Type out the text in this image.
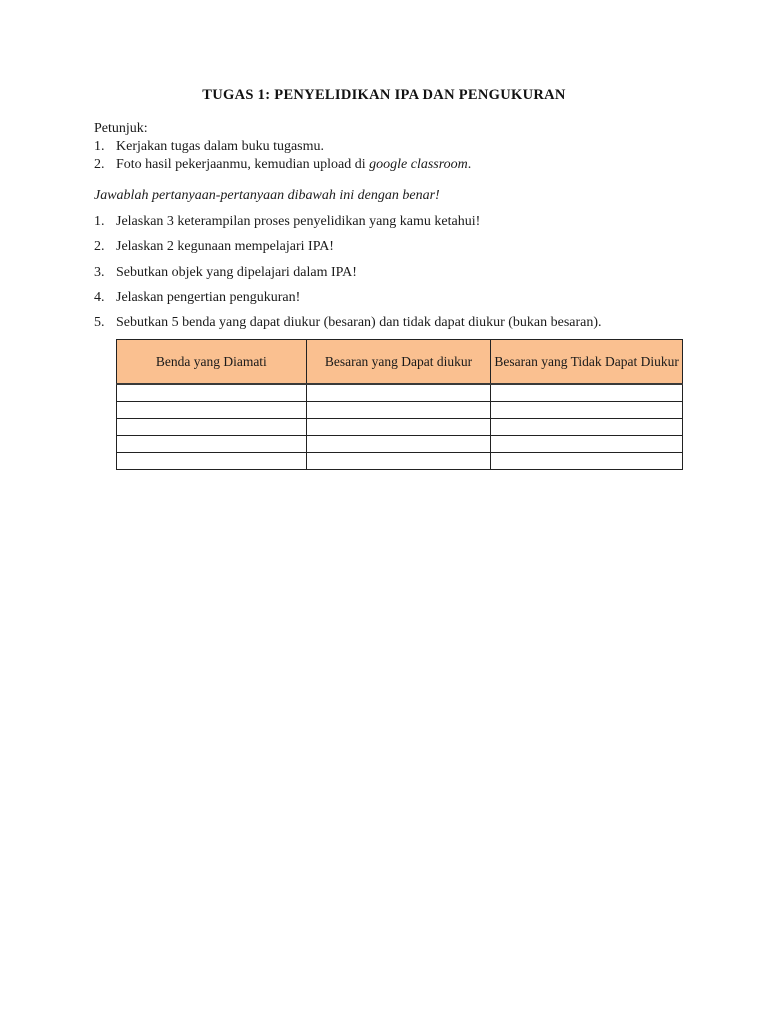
TUGAS 1: PENYELIDIKAN IPA DAN PENGUKURAN
Petunjuk:
1. Kerjakan tugas dalam buku tugasmu.
2. Foto hasil pekerjaanmu, kemudian upload di google classroom.
Jawablah pertanyaan-pertanyaan dibawah ini dengan benar!
1. Jelaskan 3 keterampilan proses penyelidikan yang kamu ketahui!
2. Jelaskan 2 kegunaan mempelajari IPA!
3. Sebutkan objek yang dipelajari dalam IPA!
4. Jelaskan pengertian pengukuran!
5. Sebutkan 5 benda yang dapat diukur (besaran) dan tidak dapat diukur (bukan besaran).
Benda yang Diamati	Besaran yang Dapat diukur	Besaran yang Tidak Dapat Diukur
